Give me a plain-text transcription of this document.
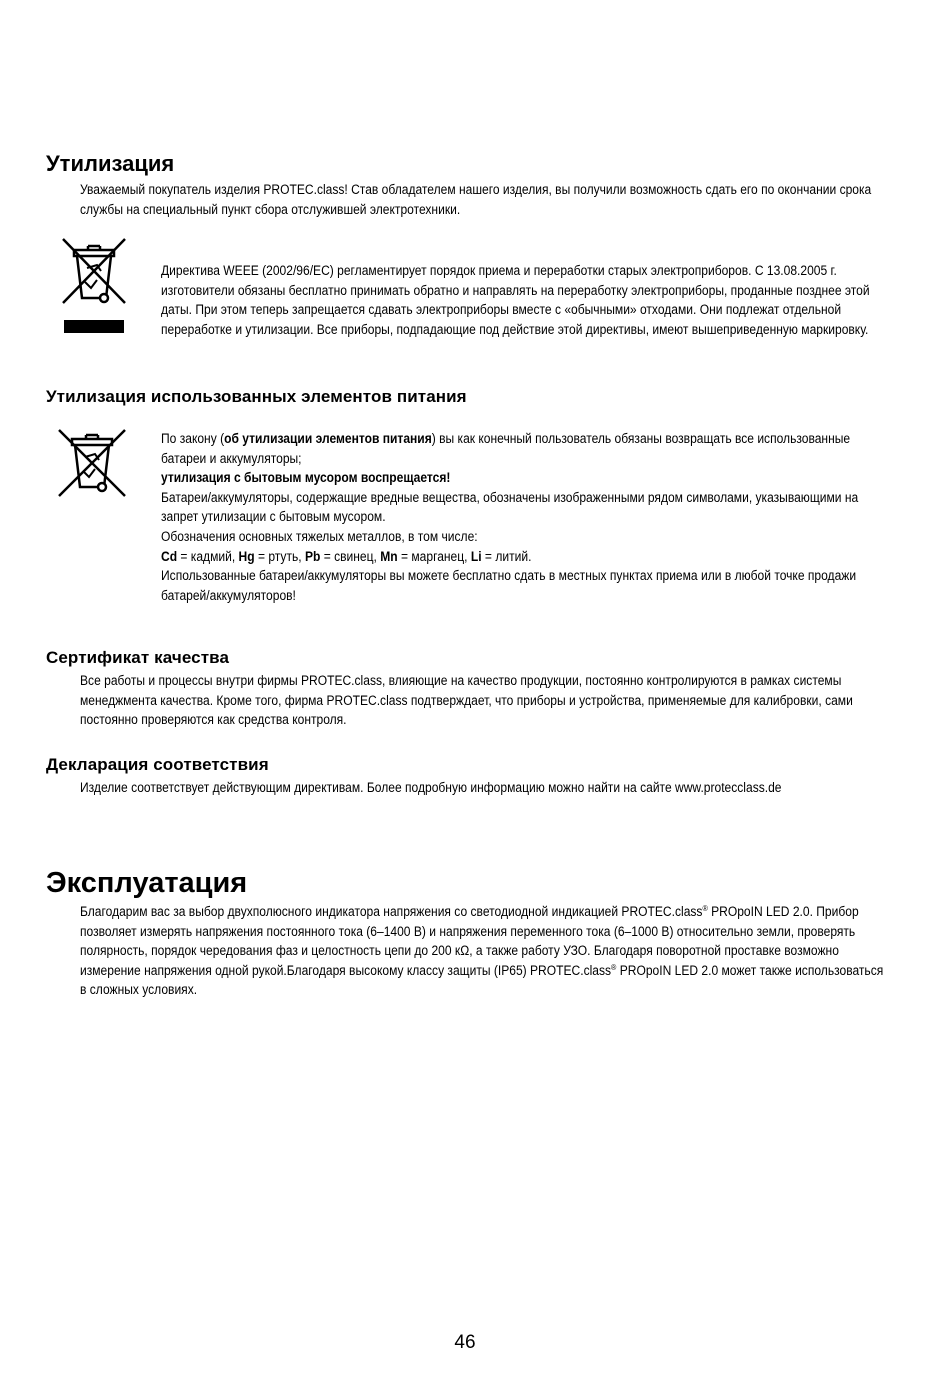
Утилизация

Уважаемый покупатель изделия PROTEC.class! Став обладателем нашего изделия, вы получили возможность сдать его по окончании срока службы на специальный пункт сбора отслужившей электротехники.

Директива WEEE (2002/96/EC) регламентирует порядок приема и переработки старых электроприборов. С 13.08.2005 г. изготовители обязаны бесплатно принимать обратно и направлять на переработку электроприборы, проданные позднее этой даты. При этом теперь запрещается сдавать электроприборы вместе с «обычными» отходами. Они подлежат отдельной переработке и утилизации. Все приборы, подпадающие под действие этой директивы, имеют вышеприведенную маркировку.

Утилизация использованных элементов питания

По закону (об утилизации элементов питания) вы как конечный пользователь обязаны возвращать все использованные батареи и аккумуляторы;

утилизация с бытовым мусором воспрещается!

Батареи/аккумуляторы, содержащие вредные вещества, обозначены изображенными рядом символами, указывающими на запрет утилизации с бытовым мусором.

Обозначения основных тяжелых металлов, в том числе:

Cd = кадмий, Hg = ртуть, Pb = свинец, Mn = марганец, Li = литий.

Использованные батареи/аккумуляторы вы можете бесплатно сдать в местных пунктах приема или в любой точке продажи батарей/аккумуляторов!

Сертификат качества

Все работы и процессы внутри фирмы PROTEC.class, влияющие на качество продукции, постоянно контролируются в рамках системы менеджмента качества. Кроме того, фирма PROTEC.class подтверждает, что приборы и устройства, применяемые для калибровки, сами постоянно проверяются как средства контроля.

Декларация соответствия

Изделие соответствует действующим директивам. Более подробную информацию можно найти на сайте www.protecclass.de

Эксплуатация

Благодарим вас за выбор двухполюсного индикатора напряжения со светодиодной индикацией PROTEC.class® PROpoIN LED 2.0. Прибор позволяет измерять напряжения постоянного тока (6–1400 В) и напряжения переменного тока (6–1000 В) относительно земли, проверять полярность, порядок чередования фаз и целостность цепи до 200 кΩ, а также работу УЗО. Благодаря поворотной проставке возможно измерение напряжения одной рукой.Благодаря высокому классу защиты (IP65) PROTEC.class® PROpoIN LED 2.0 может также использоваться в сложных условиях.

46
